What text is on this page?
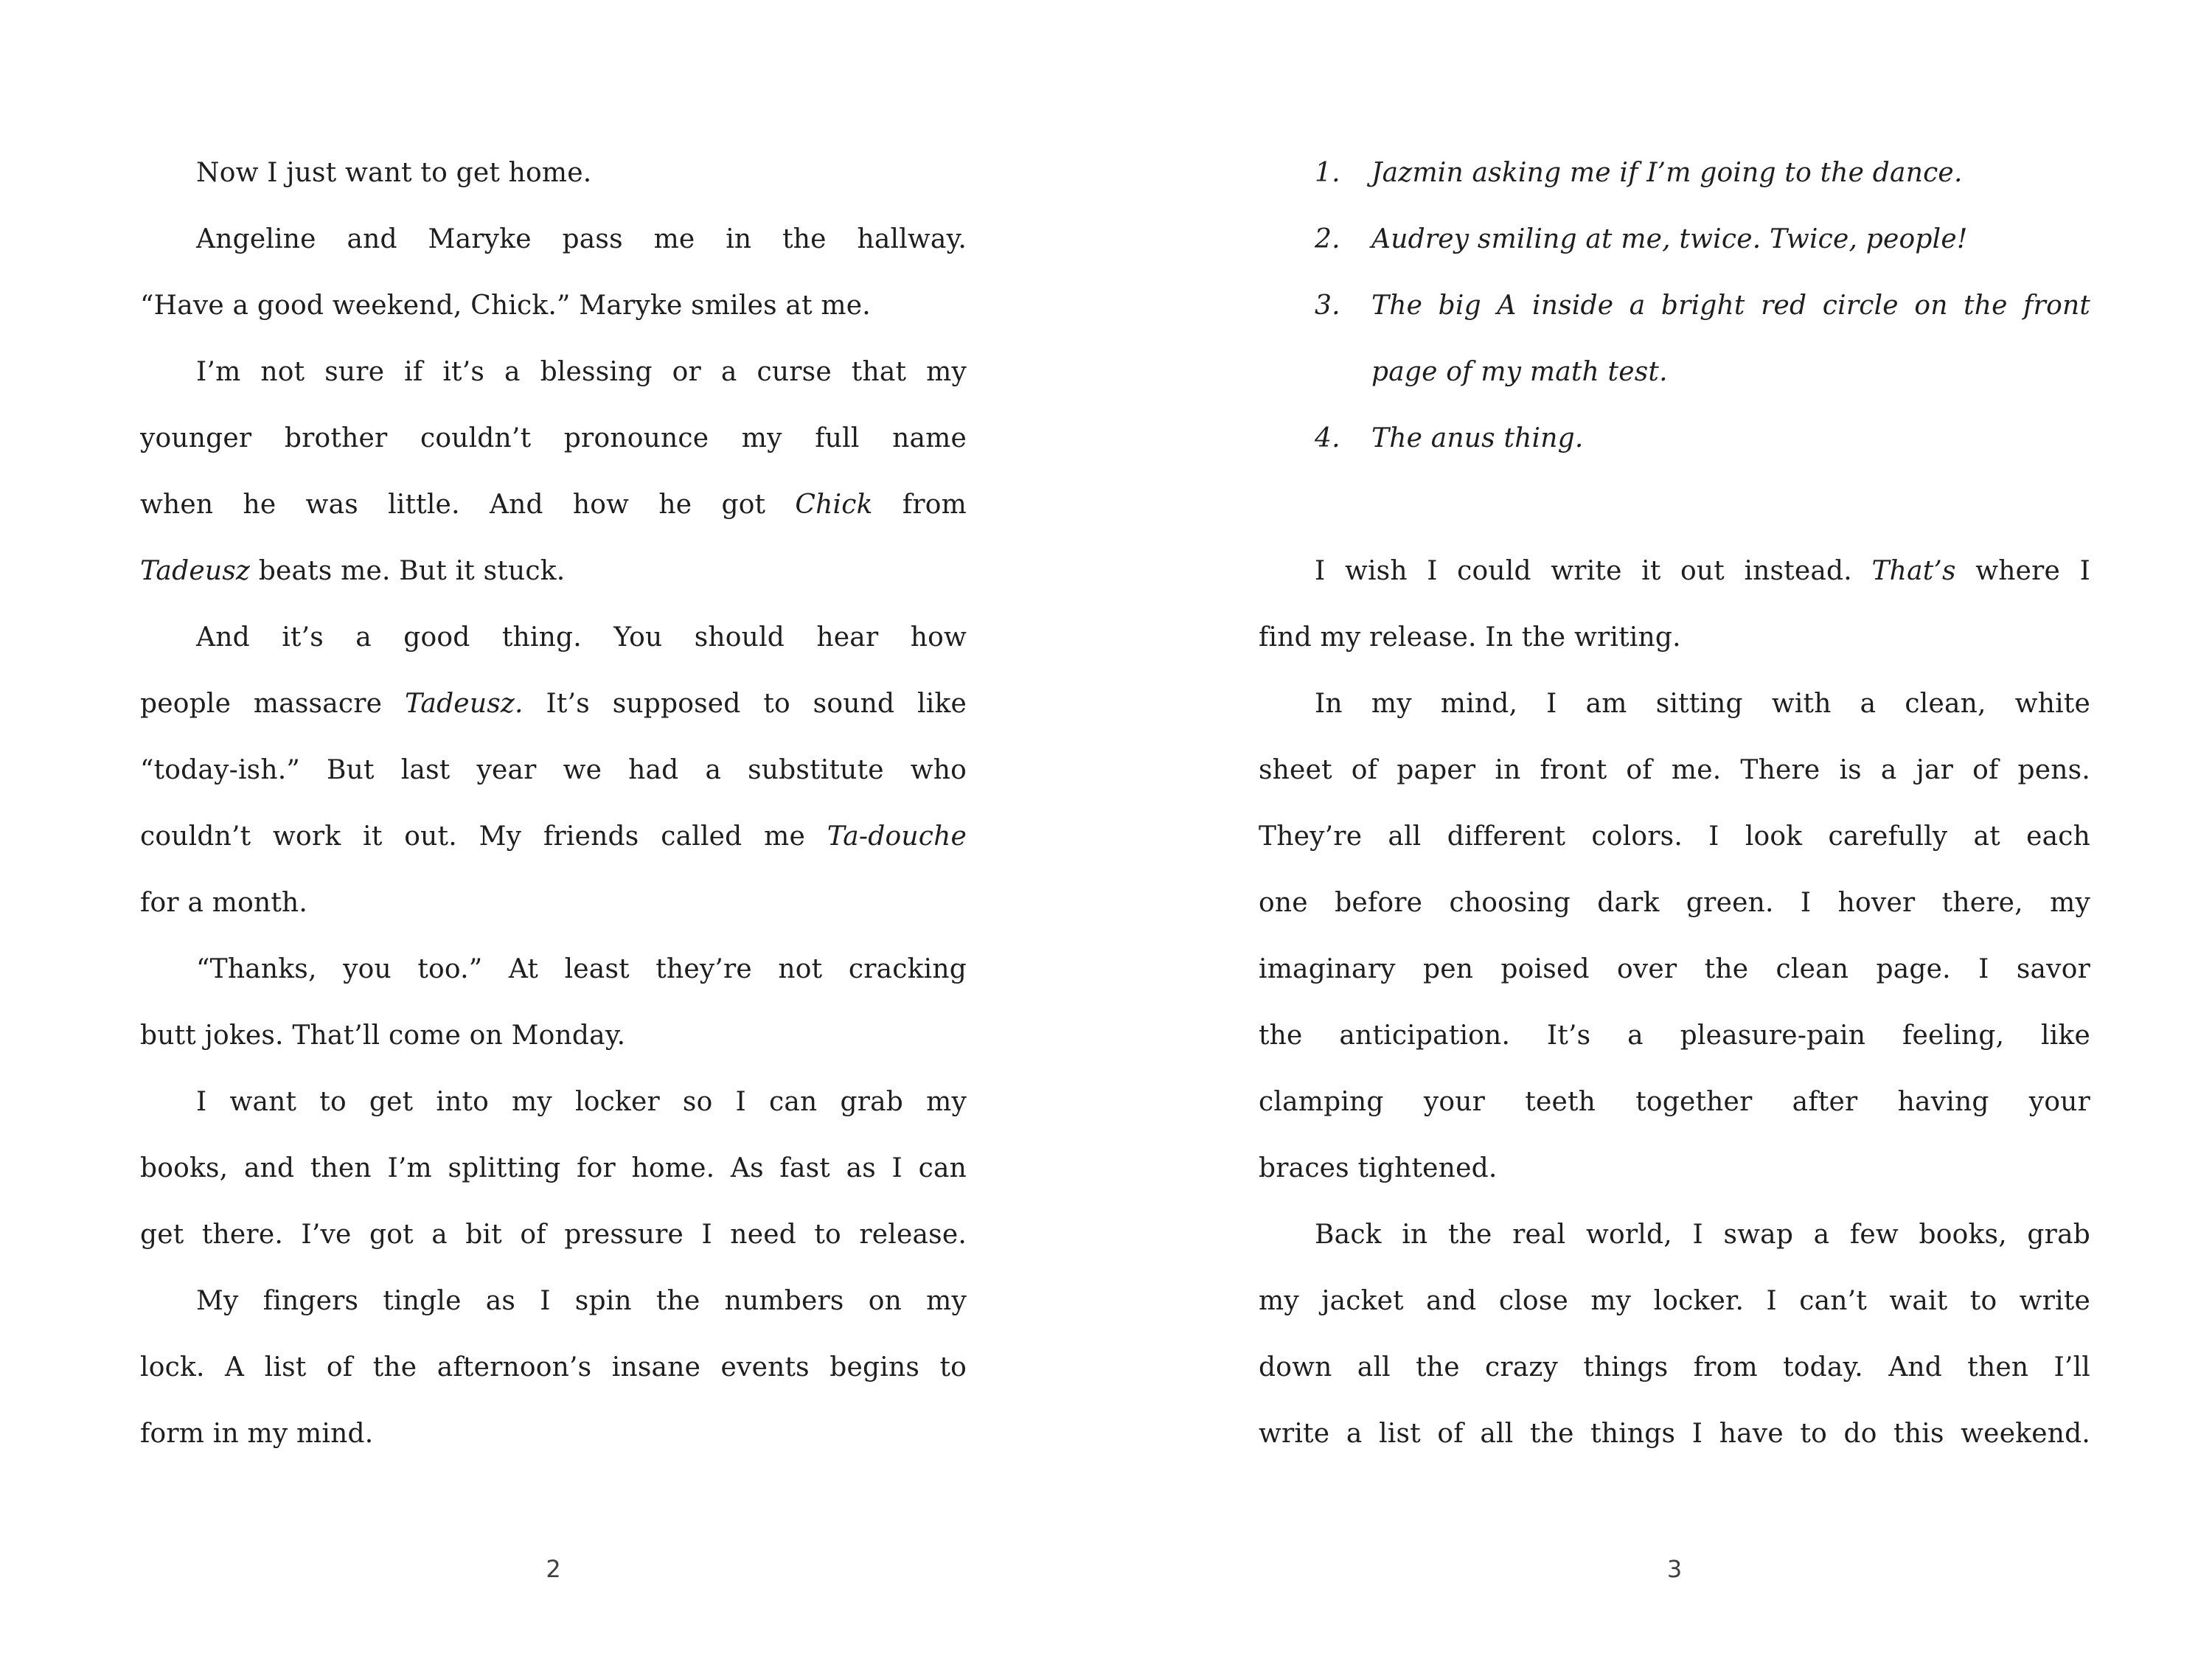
Now I just want to get home.
Angeline and Maryke pass me in the hallway.
“Have a good weekend, Chick.” Maryke smiles at me.
I’m not sure if it’s a blessing or a curse that my
younger brother couldn’t pronounce my full name
when he was little. And how he got Chick from
Tadeusz beats me. But it stuck.
And it’s a good thing. You should hear how
people massacre Tadeusz. It’s supposed to sound like
“today-ish.” But last year we had a substitute who
couldn’t work it out. My friends called me Ta-douche
for a month.
“Thanks, you too.” At least they’re not cracking
butt jokes. That’ll come on Monday.
I want to get into my locker so I can grab my
books, and then I’m splitting for home. As fast as I can
get there. I’ve got a bit of pressure I need to release.
My fingers tingle as I spin the numbers on my
lock. A list of the afternoon’s insane events begins to
form in my mind.
2
1. Jazmin asking me if I’m going to the dance.
2. Audrey smiling at me, twice. Twice, people!
3. The big A inside a bright red circle on the front
page of my math test.
4. The anus thing.
I wish I could write it out instead. That’s where I
find my release. In the writing.
In my mind, I am sitting with a clean, white
sheet of paper in front of me. There is a jar of pens.
They’re all different colors. I look carefully at each
one before choosing dark green. I hover there, my
imaginary pen poised over the clean page. I savor
the anticipation. It’s a pleasure-pain feeling, like
clamping your teeth together after having your
braces tightened.
Back in the real world, I swap a few books, grab
my jacket and close my locker. I can’t wait to write
down all the crazy things from today. And then I’ll
write a list of all the things I have to do this weekend.
3
